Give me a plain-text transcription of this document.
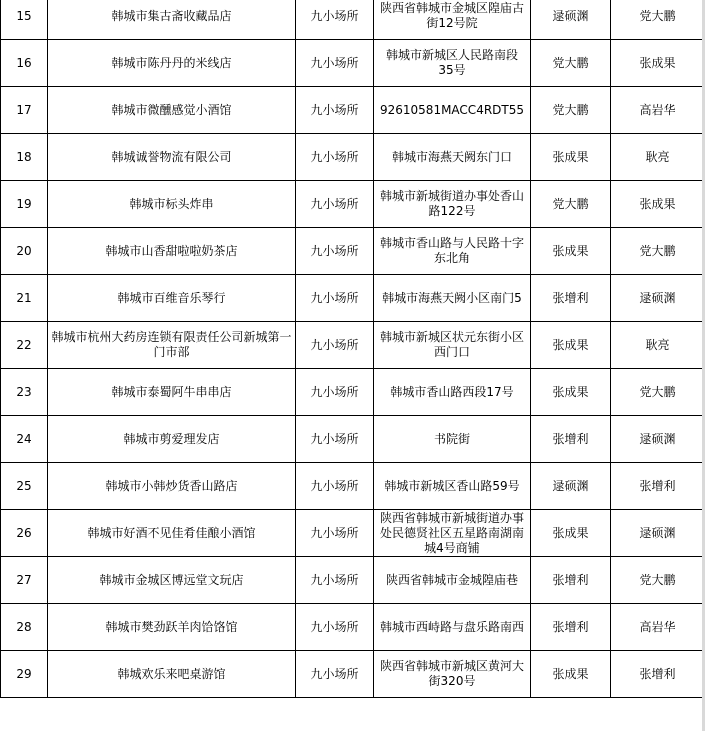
15	韩城市集古斋收藏品店	九小场所	陕西省韩城市金城区隍庙古街12号院	逯硕渊	党大鹏
16	韩城市陈丹丹的米线店	九小场所	韩城市新城区人民路南段35号	党大鹏	张成果
17	韩城市微醺感觉小酒馆	九小场所	92610581MACC4RDT55	党大鹏	高岩华
18	韩城诚誉物流有限公司	九小场所	韩城市海燕天阙东门口	张成果	耿亮
19	韩城市标头炸串	九小场所	韩城市新城街道办事处香山路122号	党大鹏	张成果
20	韩城市山香甜啦啦奶茶店	九小场所	韩城市香山路与人民路十字东北角	张成果	党大鹏
21	韩城市百维音乐琴行	九小场所	韩城市海燕天阙小区南门5	张增利	逯硕渊
22	韩城市杭州大药房连锁有限责任公司新城第一门市部	九小场所	韩城市新城区状元东街小区西门口	张成果	耿亮
23	韩城市泰蜀阿牛串串店	九小场所	韩城市香山路西段17号	张成果	党大鹏
24	韩城市剪爱理发店	九小场所	书院街	张增利	逯硕渊
25	韩城市小韩炒货香山路店	九小场所	韩城市新城区香山路59号	逯硕渊	张增利
26	韩城市好酒不见佳肴佳酿小酒馆	九小场所	陕西省韩城市新城街道办事处民德贤社区五星路南湖南城4号商铺	张成果	逯硕渊
27	韩城市金城区博远堂文玩店	九小场所	陕西省韩城市金城隍庙巷	张增利	党大鹏
28	韩城市樊劲跃羊肉饸饹馆	九小场所	韩城市西峙路与盘乐路南西	张增利	高岩华
29	韩城欢乐来吧桌游馆	九小场所	陕西省韩城市新城区黄河大街320号	张成果	张增利
